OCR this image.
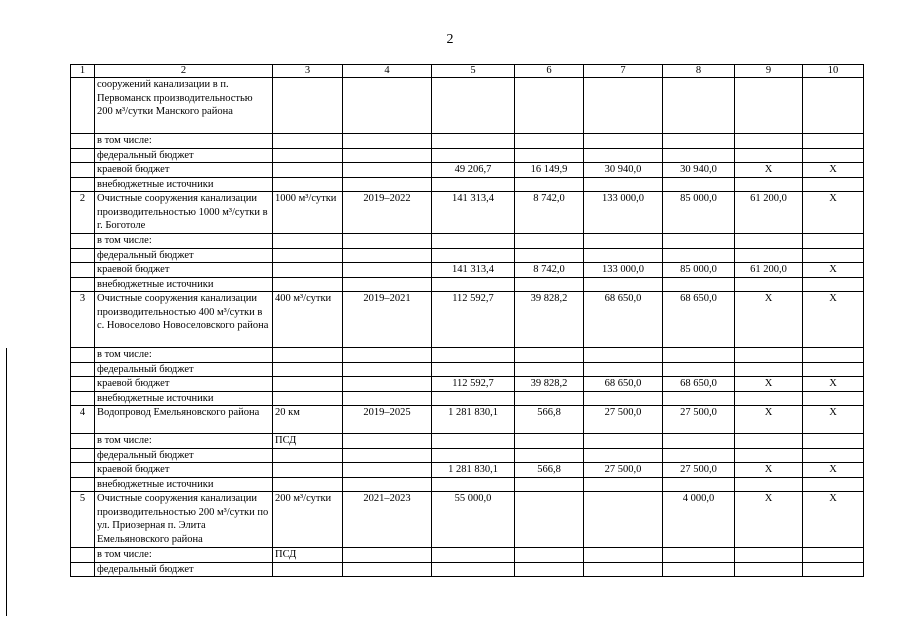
2
1	2	3	4	5	6	7	8	9	10
	сооружений канализации в п. Первоманск производительностью 200 м³/сутки Манского района								
	в том числе:								
	федеральный бюджет								
	краевой бюджет			49 206,7	16 149,9	30 940,0	30 940,0	Х	Х
	внебюджетные источники								
2	Очистные сооружения канализации производительностью 1000 м³/сутки в г. Боготоле	1000 м³/сутки	2019–2022	141 313,4	8 742,0	133 000,0	85 000,0	61 200,0	Х
	в том числе:								
	федеральный бюджет								
	краевой бюджет			141 313,4	8 742,0	133 000,0	85 000,0	61 200,0	Х
	внебюджетные источники								
3	Очистные сооружения канализации производительностью 400 м³/сутки в с. Новоселово Новоселовского района	400 м³/сутки	2019–2021	112 592,7	39 828,2	68 650,0	68 650,0	Х	Х
	в том числе:								
	федеральный бюджет								
	краевой бюджет			112 592,7	39 828,2	68 650,0	68 650,0	Х	Х
	внебюджетные источники								
4	Водопровод Емельяновского района	20 км	2019–2025	1 281 830,1	566,8	27 500,0	27 500,0	Х	Х
	в том числе:	ПСД							
	федеральный бюджет								
	краевой бюджет			1 281 830,1	566,8	27 500,0	27 500,0	Х	Х
	внебюджетные источники								
5	Очистные сооружения канализации производительностью 200 м³/сутки по ул. Приозерная п. Элита Емельяновского района	200 м³/сутки	2021–2023	55 000,0			4 000,0	Х	Х
	в том числе:	ПСД							
	федеральный бюджет								
